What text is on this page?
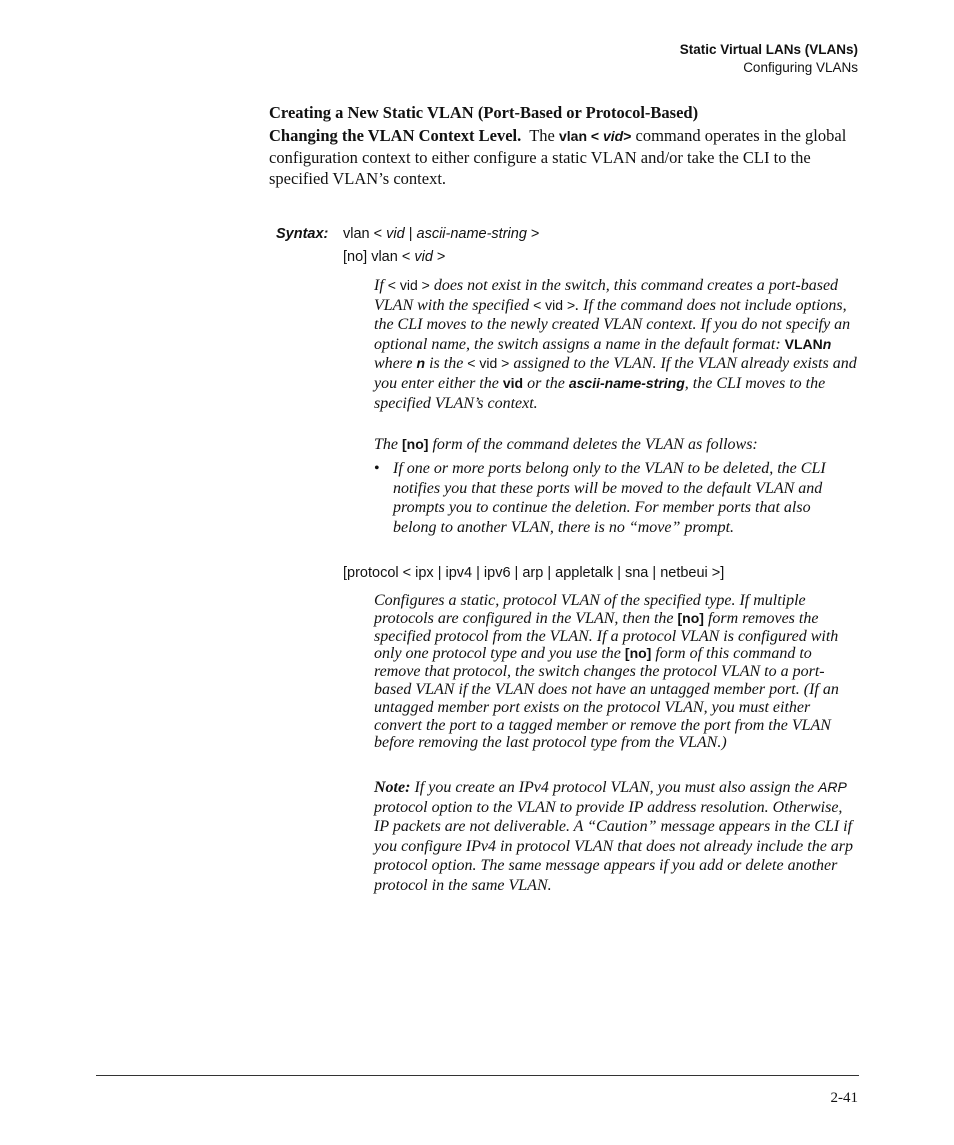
Static Virtual LANs (VLANs)
Configuring VLANs
Creating a New Static VLAN (Port-Based or Protocol-Based)
Changing the VLAN Context Level. The vlan < vid> command operates in the global configuration context to either configure a static VLAN and/or take the CLI to the specified VLAN’s context.
Syntax: vlan < vid | ascii-name-string >
[no] vlan < vid >
If < vid > does not exist in the switch, this command creates a port-based VLAN with the specified < vid >. If the command does not include options, the CLI moves to the newly created VLAN context. If you do not specify an optional name, the switch assigns a name in the default format: VLANn where n is the < vid > assigned to the VLAN. If the VLAN already exists and you enter either the vid or the ascii-name-string, the CLI moves to the specified VLAN’s context.
The [no] form of the command deletes the VLAN as follows:
• If one or more ports belong only to the VLAN to be deleted, the CLI notifies you that these ports will be moved to the default VLAN and prompts you to continue the deletion. For member ports that also belong to another VLAN, there is no “move” prompt.
[protocol < ipx | ipv4 | ipv6 | arp | appletalk | sna | netbeui >]
Configures a static, protocol VLAN of the specified type. If multiple protocols are configured in the VLAN, then the [no] form removes the specified protocol from the VLAN. If a protocol VLAN is configured with only one protocol type and you use the [no] form of this command to remove that protocol, the switch changes the protocol VLAN to a port-based VLAN if the VLAN does not have an untagged member port. (If an untagged member port exists on the protocol VLAN, you must either convert the port to a tagged member or remove the port from the VLAN before removing the last protocol type from the VLAN.)
Note: If you create an IPv4 protocol VLAN, you must also assign the ARP protocol option to the VLAN to provide IP address resolution. Otherwise, IP packets are not deliverable. A “Caution” message appears in the CLI if you configure IPv4 in protocol VLAN that does not already include the arp protocol option. The same message appears if you add or delete another protocol in the same VLAN.
2-41
